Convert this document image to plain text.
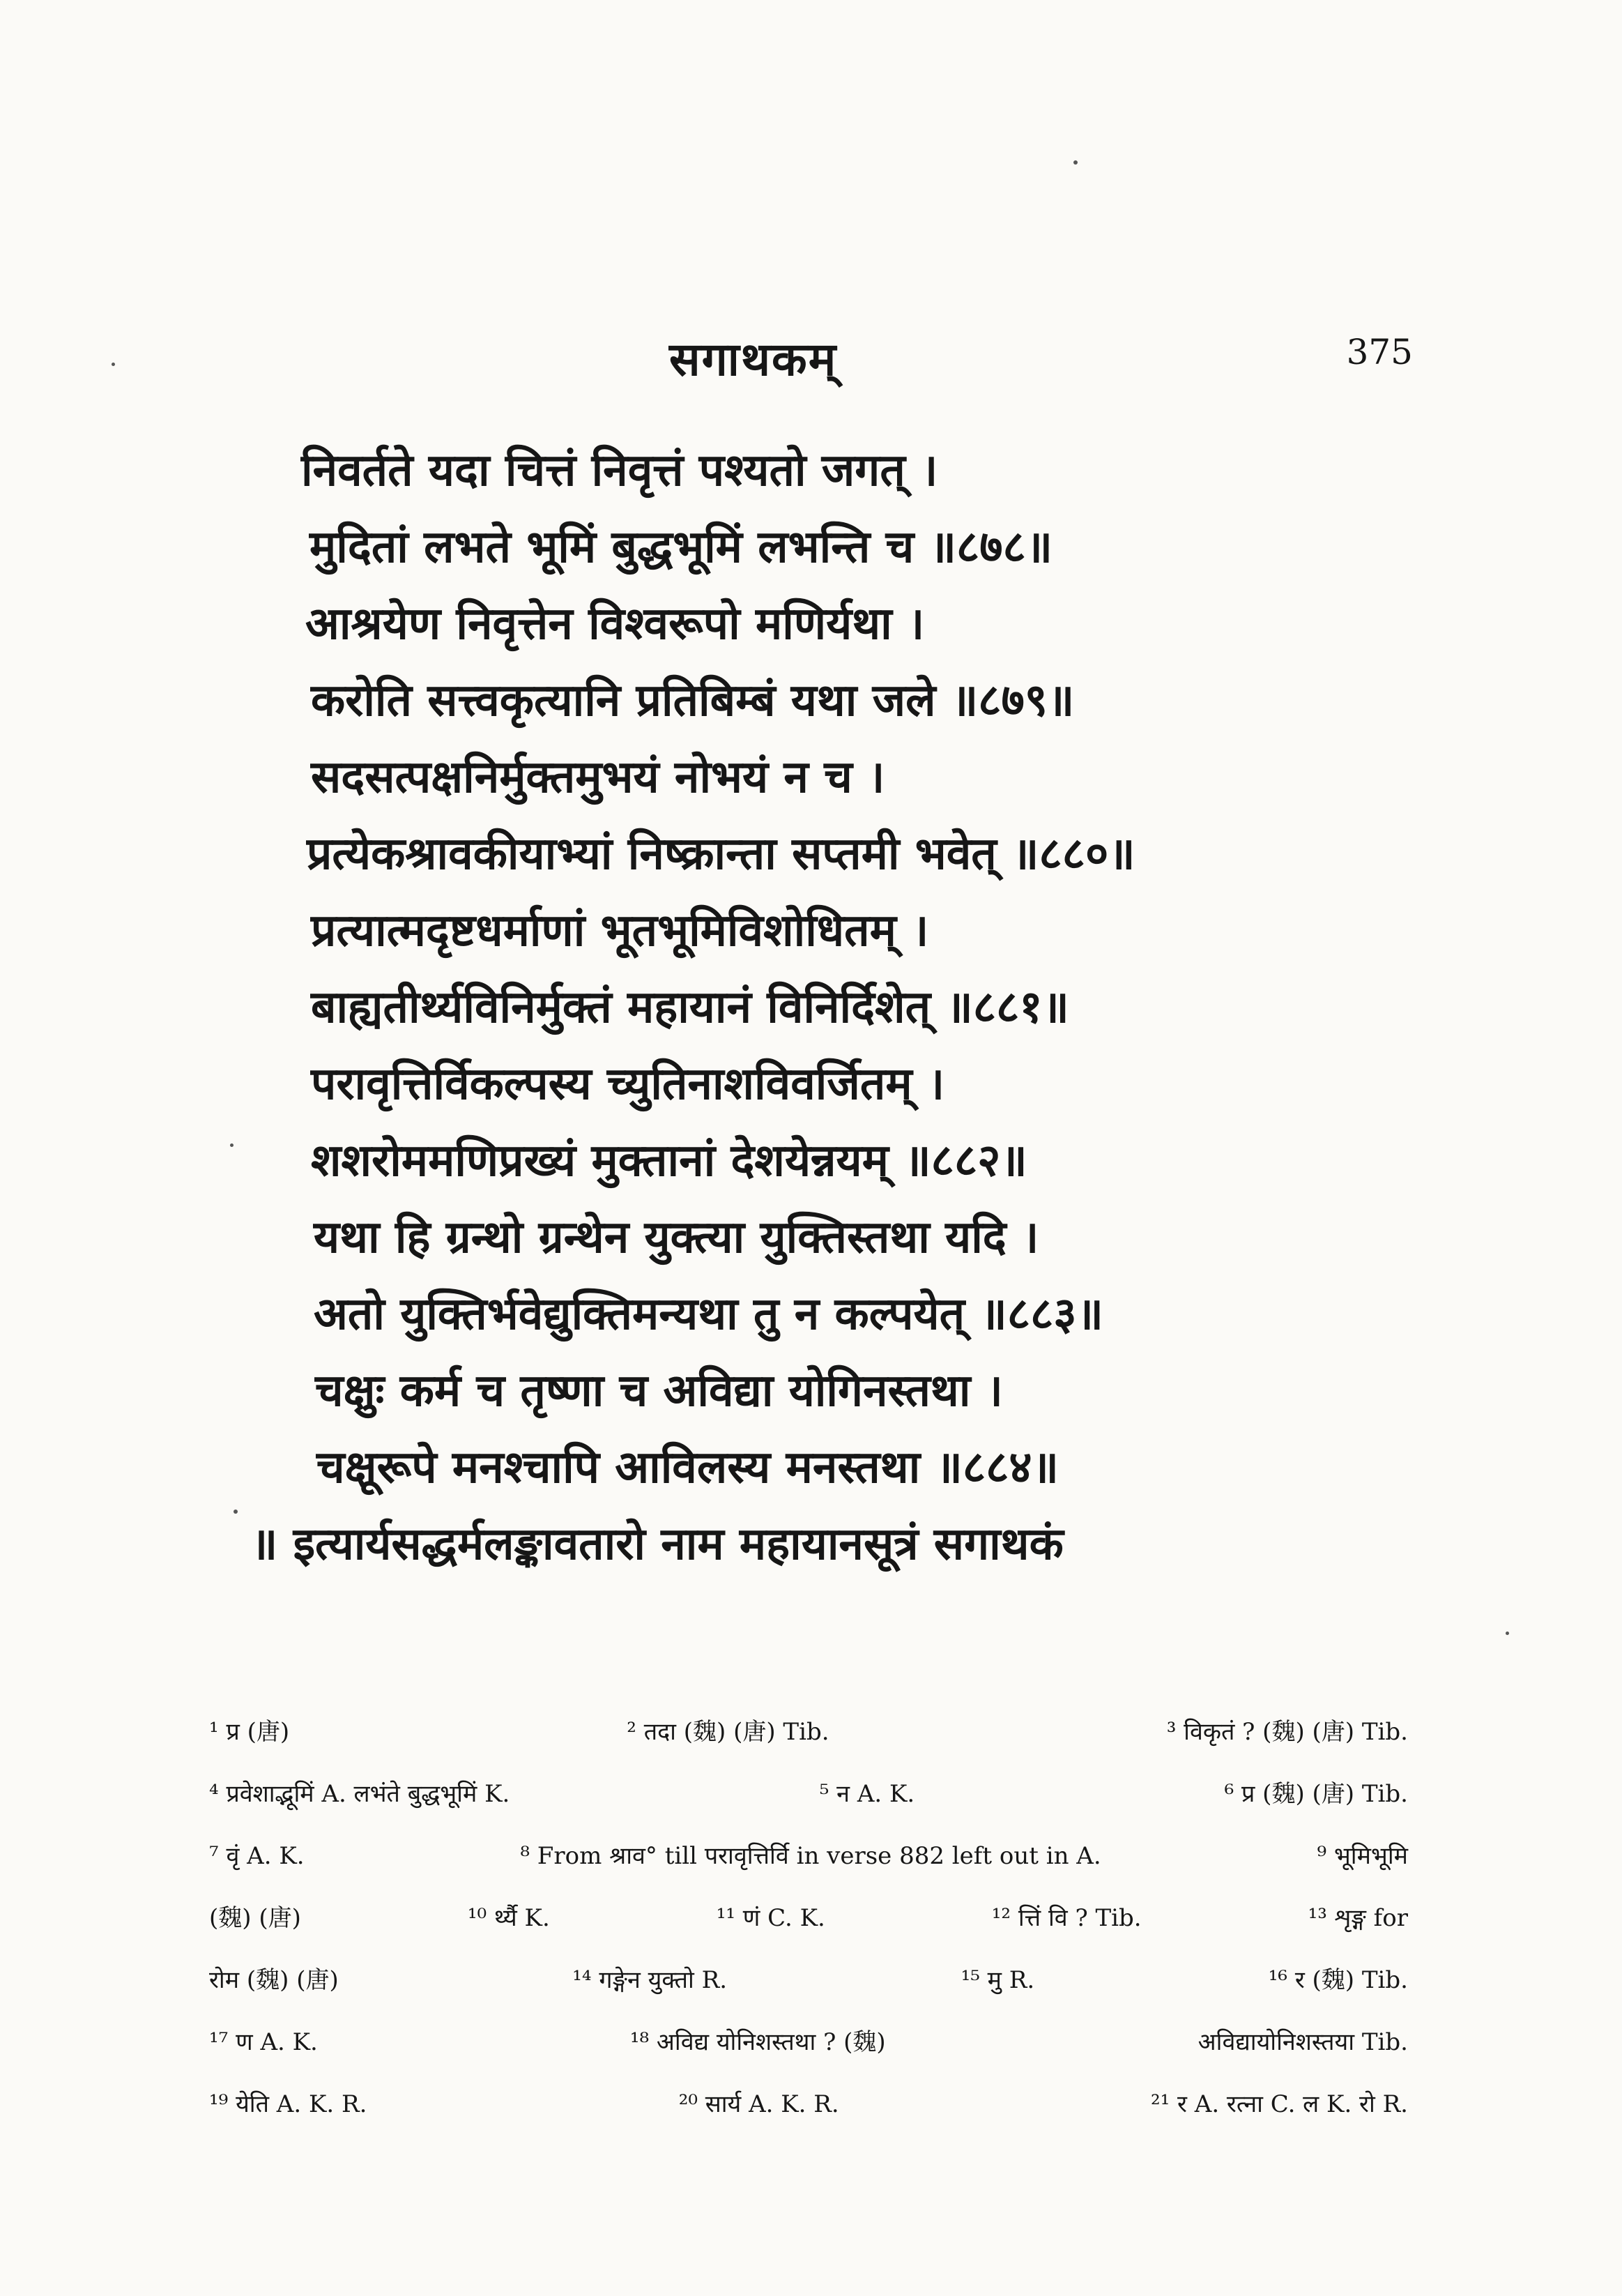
सगाथकम्	375
निवर्तते यदा चित्तं निवृत्तं पश्यतो जगत् ।
मुदितां लभते भूमिं बुद्धभूमिं लभन्ति च ॥८७८॥
आश्रयेण निवृत्तेन विश्वरूपो मणिर्यथा ।
करोति सत्त्वकृत्यानि प्रतिबिम्बं यथा जले ॥८७९॥
सदसत्पक्षनिर्मुक्तमुभयं नोभयं न च ।
प्रत्येकश्रावकीयाभ्यां निष्क्रान्ता सप्तमी भवेत् ॥८८०॥
प्रत्यात्मदृष्टधर्माणां भूतभूमिविशोधितम् ।
बाह्यतीर्थ्यविनिर्मुक्तं महायानं विनिर्दिशेत् ॥८८१॥
परावृत्तिर्विकल्पस्य च्युतिनाशविवर्जितम् ।
शशरोममणिप्रख्यं मुक्तानां देशयेन्नयम् ॥८८२॥
यथा हि ग्रन्थो ग्रन्थेन युक्त्या युक्तिस्तथा यदि ।
अतो युक्तिर्भवेद्युक्तिमन्यथा तु न कल्पयेत् ॥८८३॥
चक्षुः कर्म च तृष्णा च अविद्या योगिनस्तथा ।
चक्षूरूपे मनश्चापि आविलस्य मनस्तथा ॥८८४॥
॥ इत्यार्यसद्धर्मलङ्कावतारो नाम महायानसूत्रं सगाथकं
¹ प्र (唐)	² तदा (魏) (唐) Tib.	³ विकृतं ? (魏) (唐) Tib.
⁴ प्रवेशाद्भूमिं A. लभंते बुद्धभूमिं K.	⁵ न A. K.	⁶ प्र (魏) (唐) Tib.
⁷ वृं A. K.	⁸ From श्राव° till परावृत्तिर्वि in verse 882 left out in A.	⁹ भूमिभूमि
(魏) (唐)	¹⁰ र्थ्यै K.	¹¹ णं C. K.	¹² त्तिं वि ? Tib.	¹³ शृङ्ग for
रोम (魏) (唐)	¹⁴ गङ्गेन युक्तो R.	¹⁵ मु R.	¹⁶ र (魏) Tib.
¹⁷ ण A. K.	¹⁸ अविद्य योनिशस्तथा ? (魏)	अविद्यायोनिशस्तया Tib.
¹⁹ येति A. K. R.	²⁰ सार्य A. K. R.	²¹ र A. रत्ना C. ल K. रो R.
